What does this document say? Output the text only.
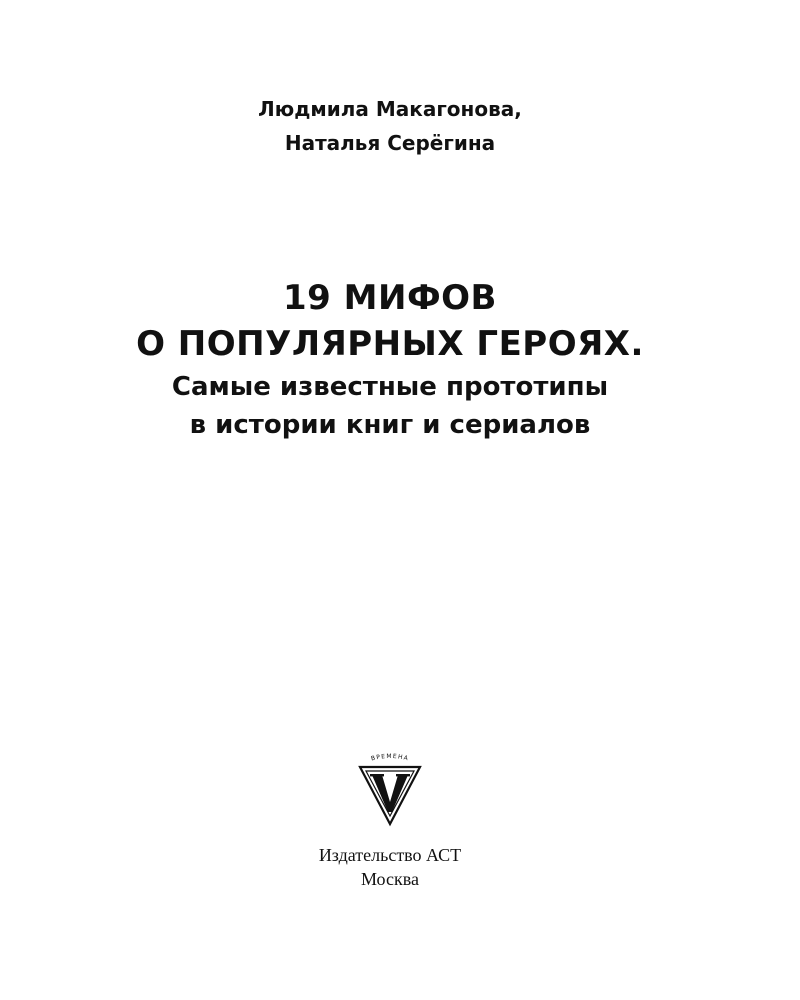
Людмила Макагонова,
Наталья Серёгина
19 МИФОВ
О ПОПУЛЯРНЫХ ГЕРОЯХ.
Самые известные прототипы
в истории книг и сериалов
ВРЕМЕНА
Издательство АСТ
Москва
